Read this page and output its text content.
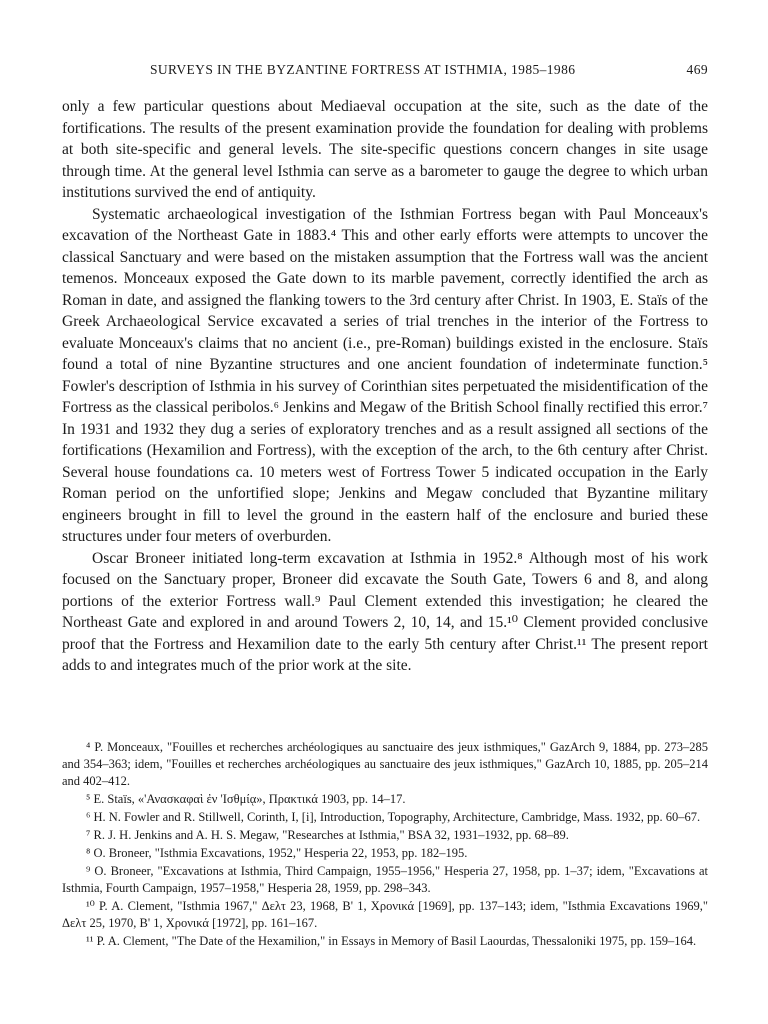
SURVEYS IN THE BYZANTINE FORTRESS AT ISTHMIA, 1985–1986	469

only a few particular questions about Mediaeval occupation at the site, such as the date of the fortifications. The results of the present examination provide the foundation for dealing with problems at both site-specific and general levels. The site-specific questions concern changes in site usage through time. At the general level Isthmia can serve as a barometer to gauge the degree to which urban institutions survived the end of antiquity.

Systematic archaeological investigation of the Isthmian Fortress began with Paul Monceaux's excavation of the Northeast Gate in 1883.⁴ This and other early efforts were attempts to uncover the classical Sanctuary and were based on the mistaken assumption that the Fortress wall was the ancient temenos. Monceaux exposed the Gate down to its marble pavement, correctly identified the arch as Roman in date, and assigned the flanking towers to the 3rd century after Christ. In 1903, E. Staïs of the Greek Archaeological Service excavated a series of trial trenches in the interior of the Fortress to evaluate Monceaux's claims that no ancient (i.e., pre-Roman) buildings existed in the enclosure. Staïs found a total of nine Byzantine structures and one ancient foundation of indeterminate function.⁵ Fowler's description of Isthmia in his survey of Corinthian sites perpetuated the misidentification of the Fortress as the classical peribolos.⁶ Jenkins and Megaw of the British School finally rectified this error.⁷ In 1931 and 1932 they dug a series of exploratory trenches and as a result assigned all sections of the fortifications (Hexamilion and Fortress), with the exception of the arch, to the 6th century after Christ. Several house foundations ca. 10 meters west of Fortress Tower 5 indicated occupation in the Early Roman period on the unfortified slope; Jenkins and Megaw concluded that Byzantine military engineers brought in fill to level the ground in the eastern half of the enclosure and buried these structures under four meters of overburden.

Oscar Broneer initiated long-term excavation at Isthmia in 1952.⁸ Although most of his work focused on the Sanctuary proper, Broneer did excavate the South Gate, Towers 6 and 8, and along portions of the exterior Fortress wall.⁹ Paul Clement extended this investigation; he cleared the Northeast Gate and explored in and around Towers 2, 10, 14, and 15.¹⁰ Clement provided conclusive proof that the Fortress and Hexamilion date to the early 5th century after Christ.¹¹ The present report adds to and integrates much of the prior work at the site.

⁴ P. Monceaux, "Fouilles et recherches archéologiques au sanctuaire des jeux isthmiques," GazArch 9, 1884, pp. 273–285 and 354–363; idem, "Fouilles et recherches archéologiques au sanctuaire des jeux isthmiques," GazArch 10, 1885, pp. 205–214 and 402–412.

⁵ E. Staïs, «'Ανασκαφαὶ ἐν 'Ισθμίᾳ», Πρακτικά 1903, pp. 14–17.

⁶ H. N. Fowler and R. Stillwell, Corinth, I, [i], Introduction, Topography, Architecture, Cambridge, Mass. 1932, pp. 60–67.

⁷ R. J. H. Jenkins and A. H. S. Megaw, "Researches at Isthmia," BSA 32, 1931–1932, pp. 68–89.

⁸ O. Broneer, "Isthmia Excavations, 1952," Hesperia 22, 1953, pp. 182–195.

⁹ O. Broneer, "Excavations at Isthmia, Third Campaign, 1955–1956," Hesperia 27, 1958, pp. 1–37; idem, "Excavations at Isthmia, Fourth Campaign, 1957–1958," Hesperia 28, 1959, pp. 298–343.

¹⁰ P. A. Clement, "Isthmia 1967," Δελτ 23, 1968, B' 1, Χρονικά [1969], pp. 137–143; idem, "Isthmia Excavations 1969," Δελτ 25, 1970, B' 1, Χρονικά [1972], pp. 161–167.

¹¹ P. A. Clement, "The Date of the Hexamilion," in Essays in Memory of Basil Laourdas, Thessaloniki 1975, pp. 159–164.
